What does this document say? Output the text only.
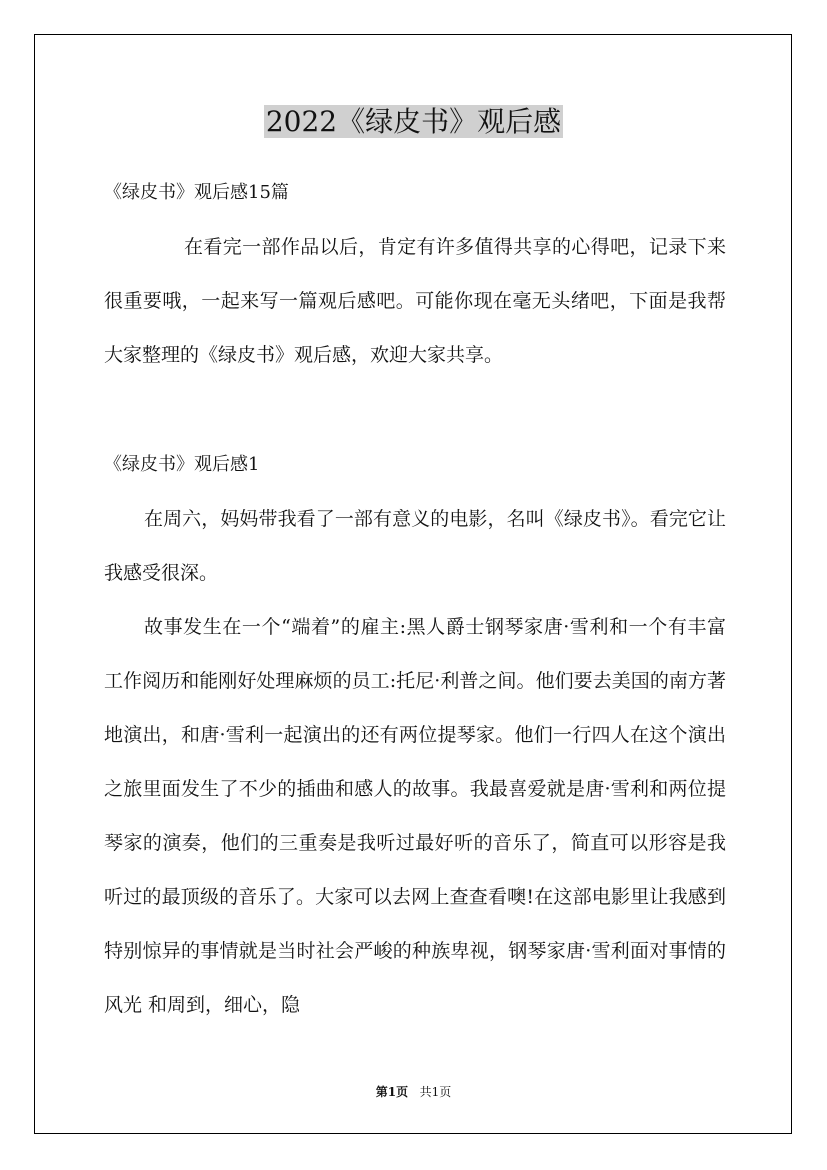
2022《绿皮书》观后感

《绿皮书》观后感15篇

在看完一部作品以后，肯定有许多值得共享的心得吧，记录下来很重要哦，一起来写一篇观后感吧。可能你现在毫无头绪吧，下面是我帮大家整理的《绿皮书》观后感，欢迎大家共享。

《绿皮书》观后感1

在周六，妈妈带我看了一部有意义的电影，名叫《绿皮书》。看完它让我感受很深。

故事发生在一个“端着”的雇主:黑人爵士钢琴家唐·雪利和一个有丰富工作阅历和能刚好处理麻烦的员工:托尼·利普之间。他们要去美国的南方著地演出，和唐·雪利一起演出的还有两位提琴家。他们一行四人在这个演出之旅里面发生了不少的插曲和感人的故事。我最喜爱就是唐·雪利和两位提琴家的演奏，他们的三重奏是我听过最好听的音乐了，简直可以形容是我听过的最顶级的音乐了。大家可以去网上查查看噢!在这部电影里让我感到特别惊异的事情就是当时社会严峻的种族卑视，钢琴家唐·雪利面对事情的风光 和周到，细心，隐

第1页 共1页
